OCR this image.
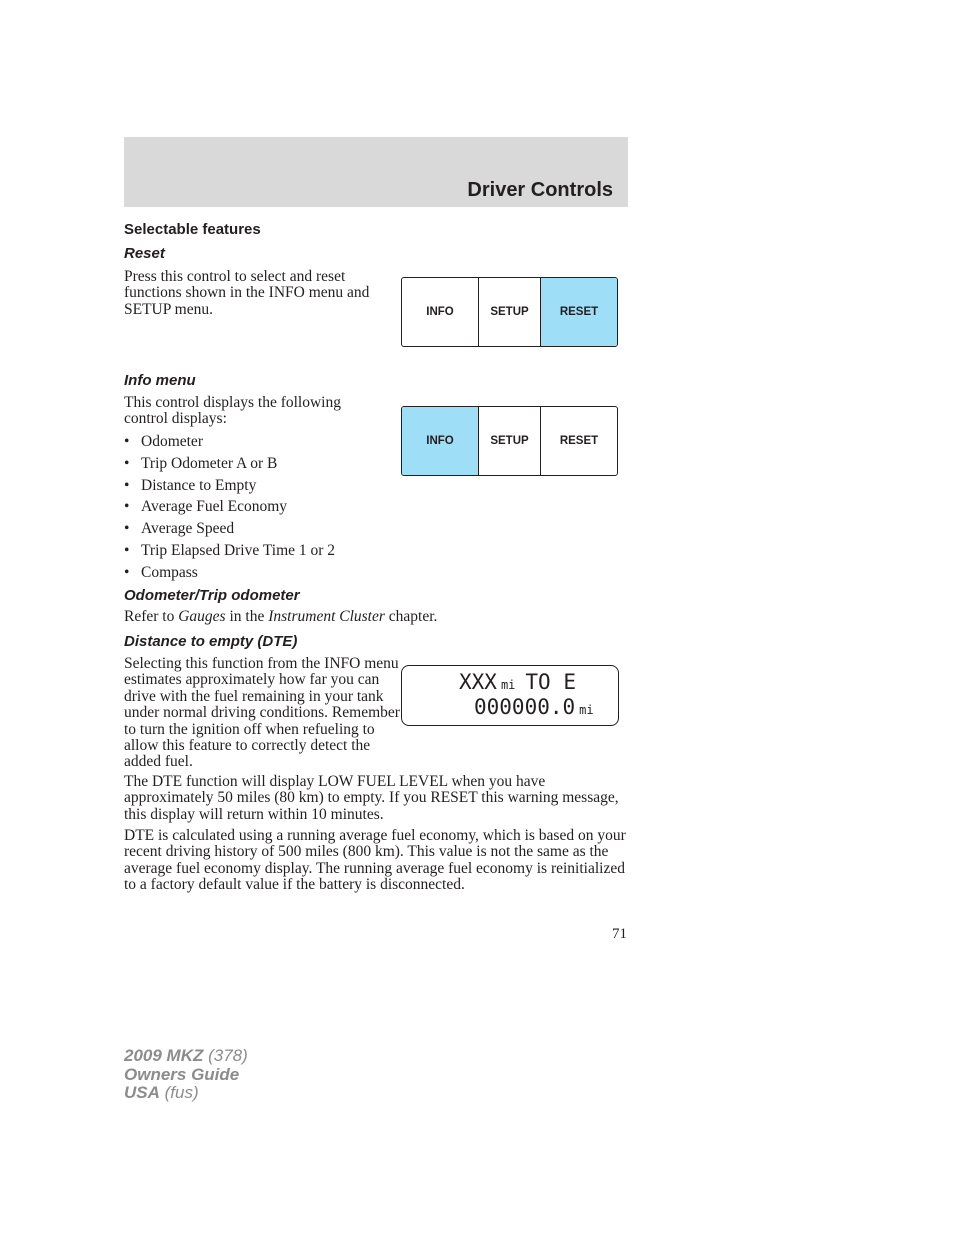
Driver Controls
Selectable features
Reset

Press this control to select and reset functions shown in the INFO menu and SETUP menu.	INFO	SETUP	RESET
Info menu

This control displays the following control displays:

• Odometer
• Trip Odometer A or B
• Distance to Empty
• Average Fuel Economy
• Average Speed
• Trip Elapsed Drive Time 1 or 2
• Compass
INFO	SETUP	RESET
Odometer/Trip odometer

Refer to Gauges in the Instrument Cluster chapter.

Distance to empty (DTE)

Selecting this function from the INFO menu estimates approximately how far you can drive with the fuel remaining in your tank under normal driving conditions. Remember to turn the ignition off when refueling to allow this feature to correctly detect the added fuel.

XXX mi TO E
000000.0 mi

The DTE function will display LOW FUEL LEVEL when you have approximately 50 miles (80 km) to empty. If you RESET this warning message, this display will return within 10 minutes.

DTE is calculated using a running average fuel economy, which is based on your recent driving history of 500 miles (800 km). This value is not the same as the average fuel economy display. The running average fuel economy is reinitialized to a factory default value if the battery is disconnected.

71
2009 MKZ (378)
Owners Guide
USA (fus)
